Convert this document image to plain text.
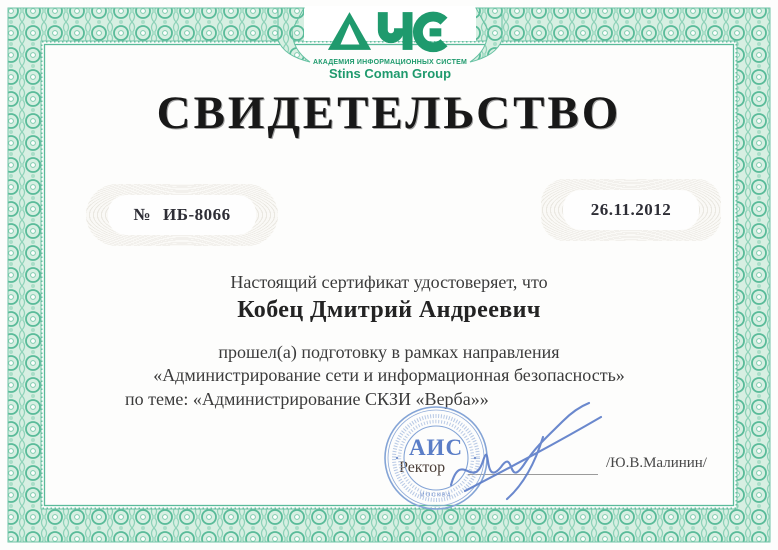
АКАДЕМИЯ ИНФОРМАЦИОННЫХ СИСТЕМ
Stins Coman Group
СВИДЕТЕЛЬСТВО
№ ИБ-8066	26.11.2012
Настоящий сертификат удостоверяет, что
Кобец Дмитрий Андреевич
прошел(а) подготовку в рамках направления
«Администрирование сети и информационная безопасность»
по теме: «Администрирование СКЗИ «Верба»»
Ректор
АИС
МОСКВА
/Ю.В.Малинин/
